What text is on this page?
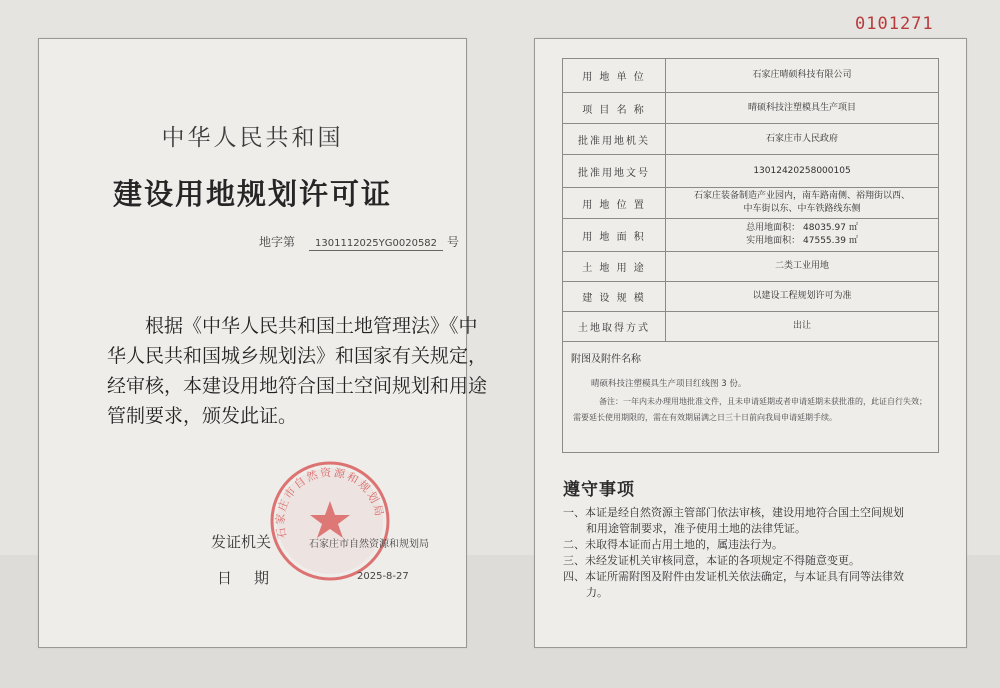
0101271
中华人民共和国
建设用地规划许可证
地字第 1301112025YG0020582 号
根据《中华人民共和国土地管理法》《中华人民共和国城乡规划法》和国家有关规定，经审核，本建设用地符合国土空间规划和用途管制要求，颁发此证。
石家庄市自然资源和规划局
发证机关	石家庄市自然资源和规划局
日期	2025-8-27
用 地 单 位	石家庄晴硕科技有限公司
项 目 名 称	晴硕科技注塑模具生产项目
批准用地机关	石家庄市人民政府
批准用地文号	13012420258000105
用 地 位 置	石家庄装备制造产业园内，南车路南侧、裕翔街以西、
中车街以东、中车铁路线东侧

用 地 面 积	总用地面积： 48035.97 ㎡
实用地面积： 47555.39 ㎡

土 地 用 途	二类工业用地
建 设 规 模	以建设工程规划许可为准
土地取得方式	出让
附图及附件名称
晴硕科技注塑模具生产项目红线图 3 份。
备注：一年内未办理用地批准文件，且未申请延期或者申请延期未获批准的，此证自行失效；需要延长使用期限的，需在有效期届满之日三十日前向我局申请延期手续。
遵守事项
一、本证是经自然资源主管部门依法审核，建设用地符合国土空间规划
和用途管制要求，准予使用土地的法律凭证。
二、未取得本证而占用土地的，属违法行为。
三、未经发证机关审核同意，本证的各项规定不得随意变更。
四、本证所需附图及附件由发证机关依法确定，与本证具有同等法律效
力。
